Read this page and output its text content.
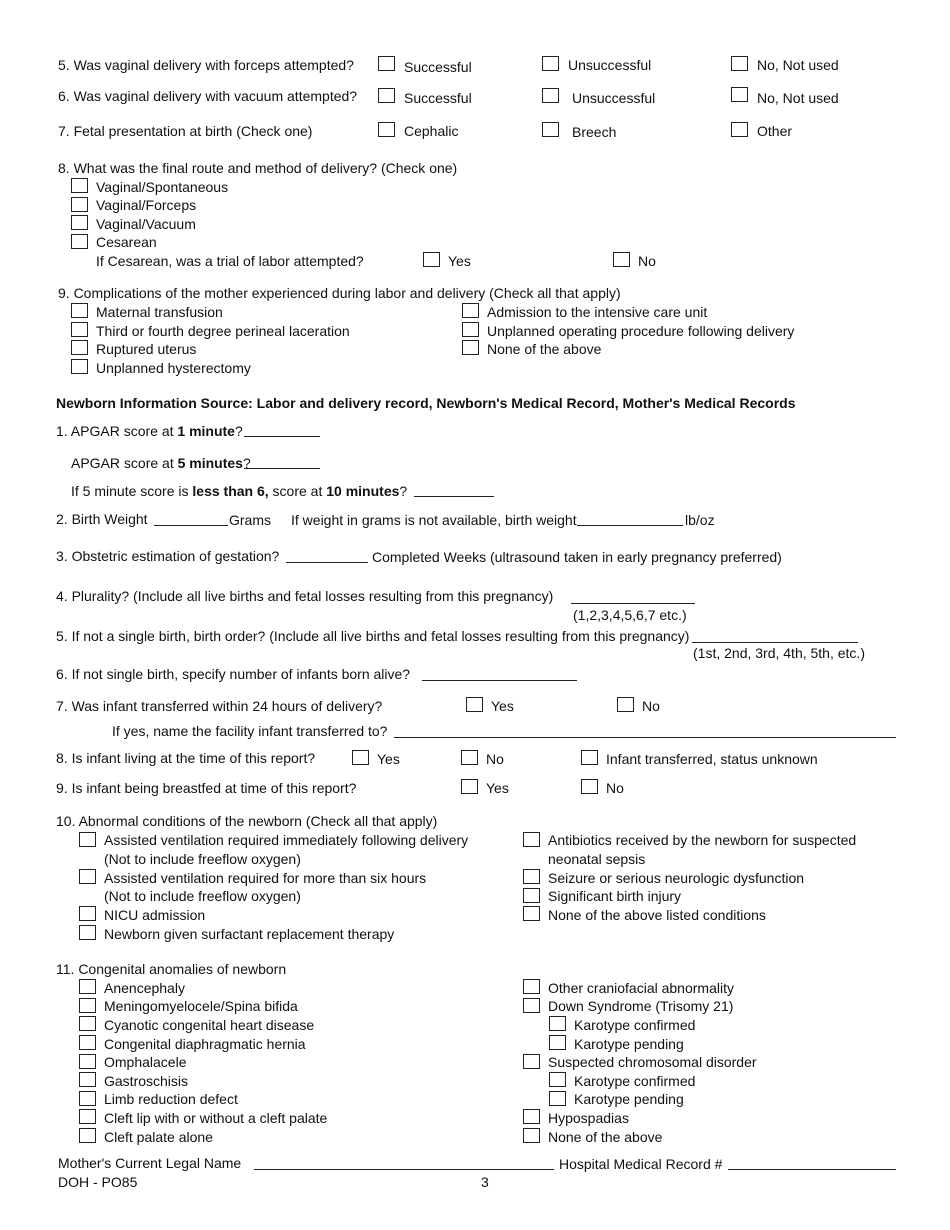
5. Was vaginal delivery with forceps attempted?	Successful	Unsuccessful	No, Not used
6. Was vaginal delivery with vacuum attempted?	Successful	Unsuccessful	No, Not used
7. Fetal presentation at birth (Check one)	Cephalic	Breech	Other
8. What was the final route and method of delivery? (Check one)
Vaginal/Spontaneous
Vaginal/Forceps
Vaginal/Vacuum
Cesarean
If Cesarean, was a trial of labor attempted?	Yes	No
9. Complications of the mother experienced during labor and delivery (Check all that apply)
Maternal transfusion
Third or fourth degree perineal laceration
Ruptured uterus
Unplanned hysterectomy
Admission to the intensive care unit
Unplanned operating procedure following delivery
None of the above
Newborn Information Source: Labor and delivery record, Newborn's Medical Record, Mother's Medical Records
1. APGAR score at 1 minute?
APGAR score at 5 minutes?
If 5 minute score is less than 6, score at 10 minutes?
2. Birth Weight	Grams If weight in grams is not available, birth weight	lb/oz
3. Obstetric estimation of gestation?	Completed Weeks (ultrasound taken in early pregnancy preferred)
4. Plurality? (Include all live births and fetal losses resulting from this pregnancy)
(1,2,3,4,5,6,7 etc.)
5. If not a single birth, birth order? (Include all live births and fetal losses resulting from this pregnancy)
(1st, 2nd, 3rd, 4th, 5th, etc.)
6. If not single birth, specify number of infants born alive?
7. Was infant transferred within 24 hours of delivery?	Yes	No
If yes, name the facility infant transferred to?
8. Is infant living at the time of this report?	Yes	No	Infant transferred, status unknown
9. Is infant being breastfed at time of this report?	Yes	No
10. Abnormal conditions of the newborn (Check all that apply)
Assisted ventilation required immediately following delivery
(Not to include freeflow oxygen)
Assisted ventilation required for more than six hours
(Not to include freeflow oxygen)
NICU admission
Newborn given surfactant replacement therapy
Antibiotics received by the newborn for suspected
neonatal sepsis
Seizure or serious neurologic dysfunction
Significant birth injury
None of the above listed conditions
11. Congenital anomalies of newborn
Anencephaly
Meningomyelocele/Spina bifida
Cyanotic congenital heart disease
Congenital diaphragmatic hernia
Omphalacele
Gastroschisis
Limb reduction defect
Cleft lip with or without a cleft palate
Cleft palate alone
Other craniofacial abnormality
Down Syndrome (Trisomy 21)
Karotype confirmed
Karotype pending
Suspected chromosomal disorder
Karotype confirmed
Karotype pending
Hypospadias
None of the above
Mother's Current Legal Name	Hospital Medical Record #
DOH - PO85	3
